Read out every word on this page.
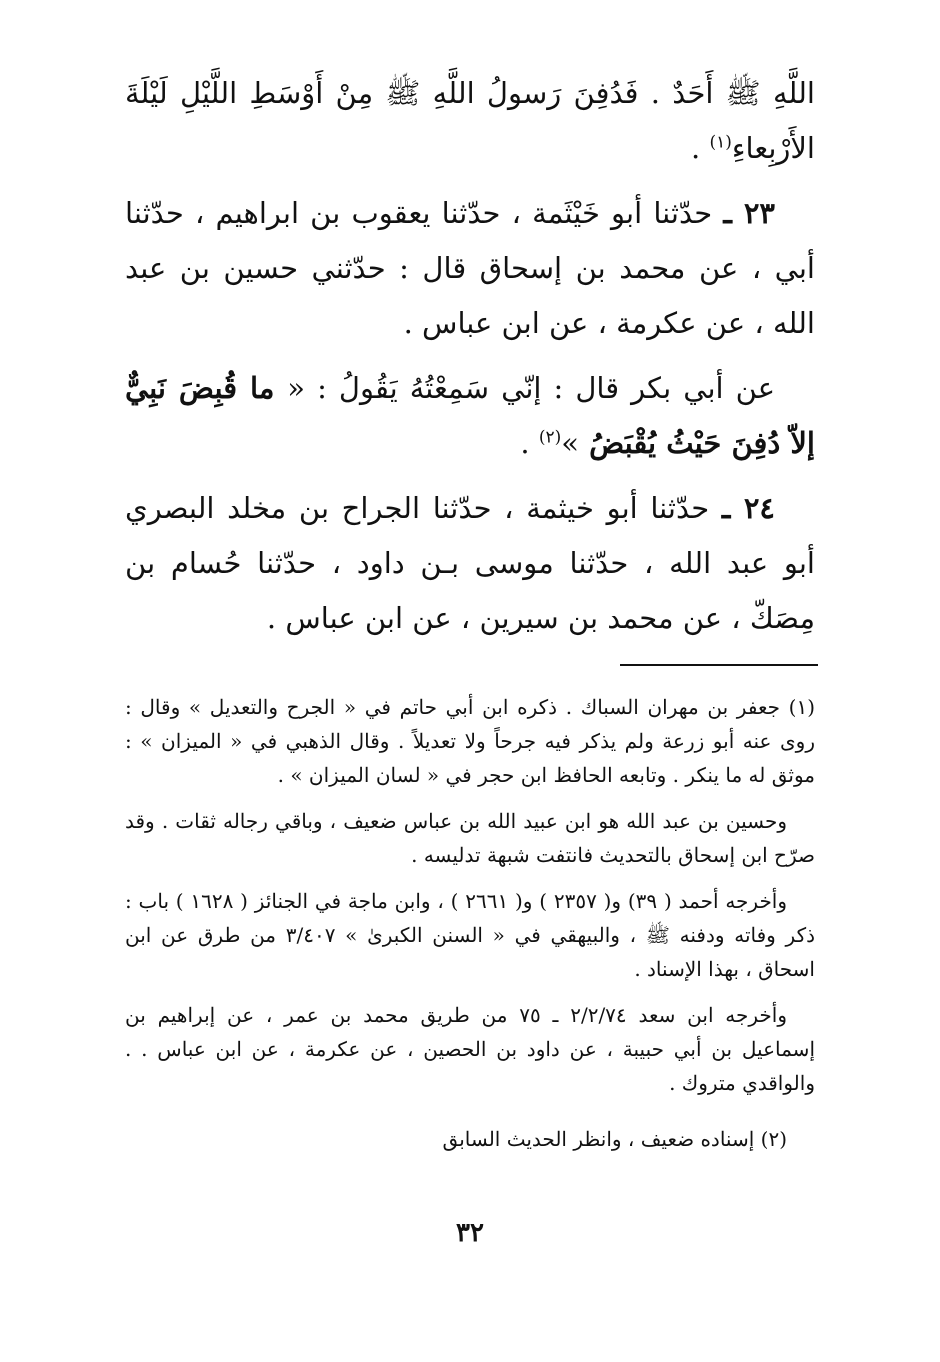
اللَّهِ ﷺ أَحَدٌ . فَدُفِنَ رَسولُ اللَّهِ ﷺ مِنْ أَوْسَطِ اللَّيْلِ لَيْلَةَ الأَرْبِعاءِ$^{(١)}$ .

٢٣ ـ حدّثنا أبو خَيْثَمة ، حدّثنا يعقوب بن ابراهيم ، حدّثنا أبي ، عن محمد بن إسحاق قال : حدّثني حسين بن عبد الله ، عن عكرمة ، عن ابن عباس .

عن أبي بكر قال : إنّي سَمِعْتُهُ يَقُولُ : « ما قُبِضَ نَبِيٌّ إلاّ دُفِنَ حَيْثُ يُقْبَضُ »$^{(٢)}$ .

٢٤ ـ حدّثنا أبو خيثمة ، حدّثنا الجراح بن مخلد البصري أبو عبد الله ، حدّثنا موسى بـن داود ، حدّثنا حُسام بن مِصَكّ ، عن محمد بن سيرين ، عن ابن عباس .

(١) جعفر بن مهران السباك . ذكره ابن أبي حاتم في « الجرح والتعديل » وقال : روى عنه أبو زرعة ولم يذكر فيه جرحاً ولا تعديلاً . وقال الذهبي في « الميزان » : موثق له ما ينكر . وتابعه الحافظ ابن حجر في « لسان الميزان » .

وحسين بن عبد الله هو ابن عبيد الله بن عباس ضعيف ، وباقي رجاله ثقات . وقد صرّح ابن إسحاق بالتحديث فانتفت شبهة تدليسه .

وأخرجه أحمد ( ٣٩) و( ٢٣٥٧ ) و( ٢٦٦١ ) ، وابن ماجة في الجنائز ( ١٦٢٨ ) باب : ذكر وفاته ودفنه ﷺ ، والبيهقي في « السنن الكبرىٰ » ٣/٤٠٧ من طرق عن ابن اسحاق ، بهذا الإسناد .

وأخرجه ابن سعد ٢/٢/٧٤ ـ ٧٥ من طريق محمد بن عمر ، عن إبراهيم بن إسماعيل بن أبي حبيبة ، عن داود بن الحصين ، عن عكرمة ، عن ابن عباس . . والواقدي متروك .

(٢) إسناده ضعيف ، وانظر الحديث السابق

٣٢
